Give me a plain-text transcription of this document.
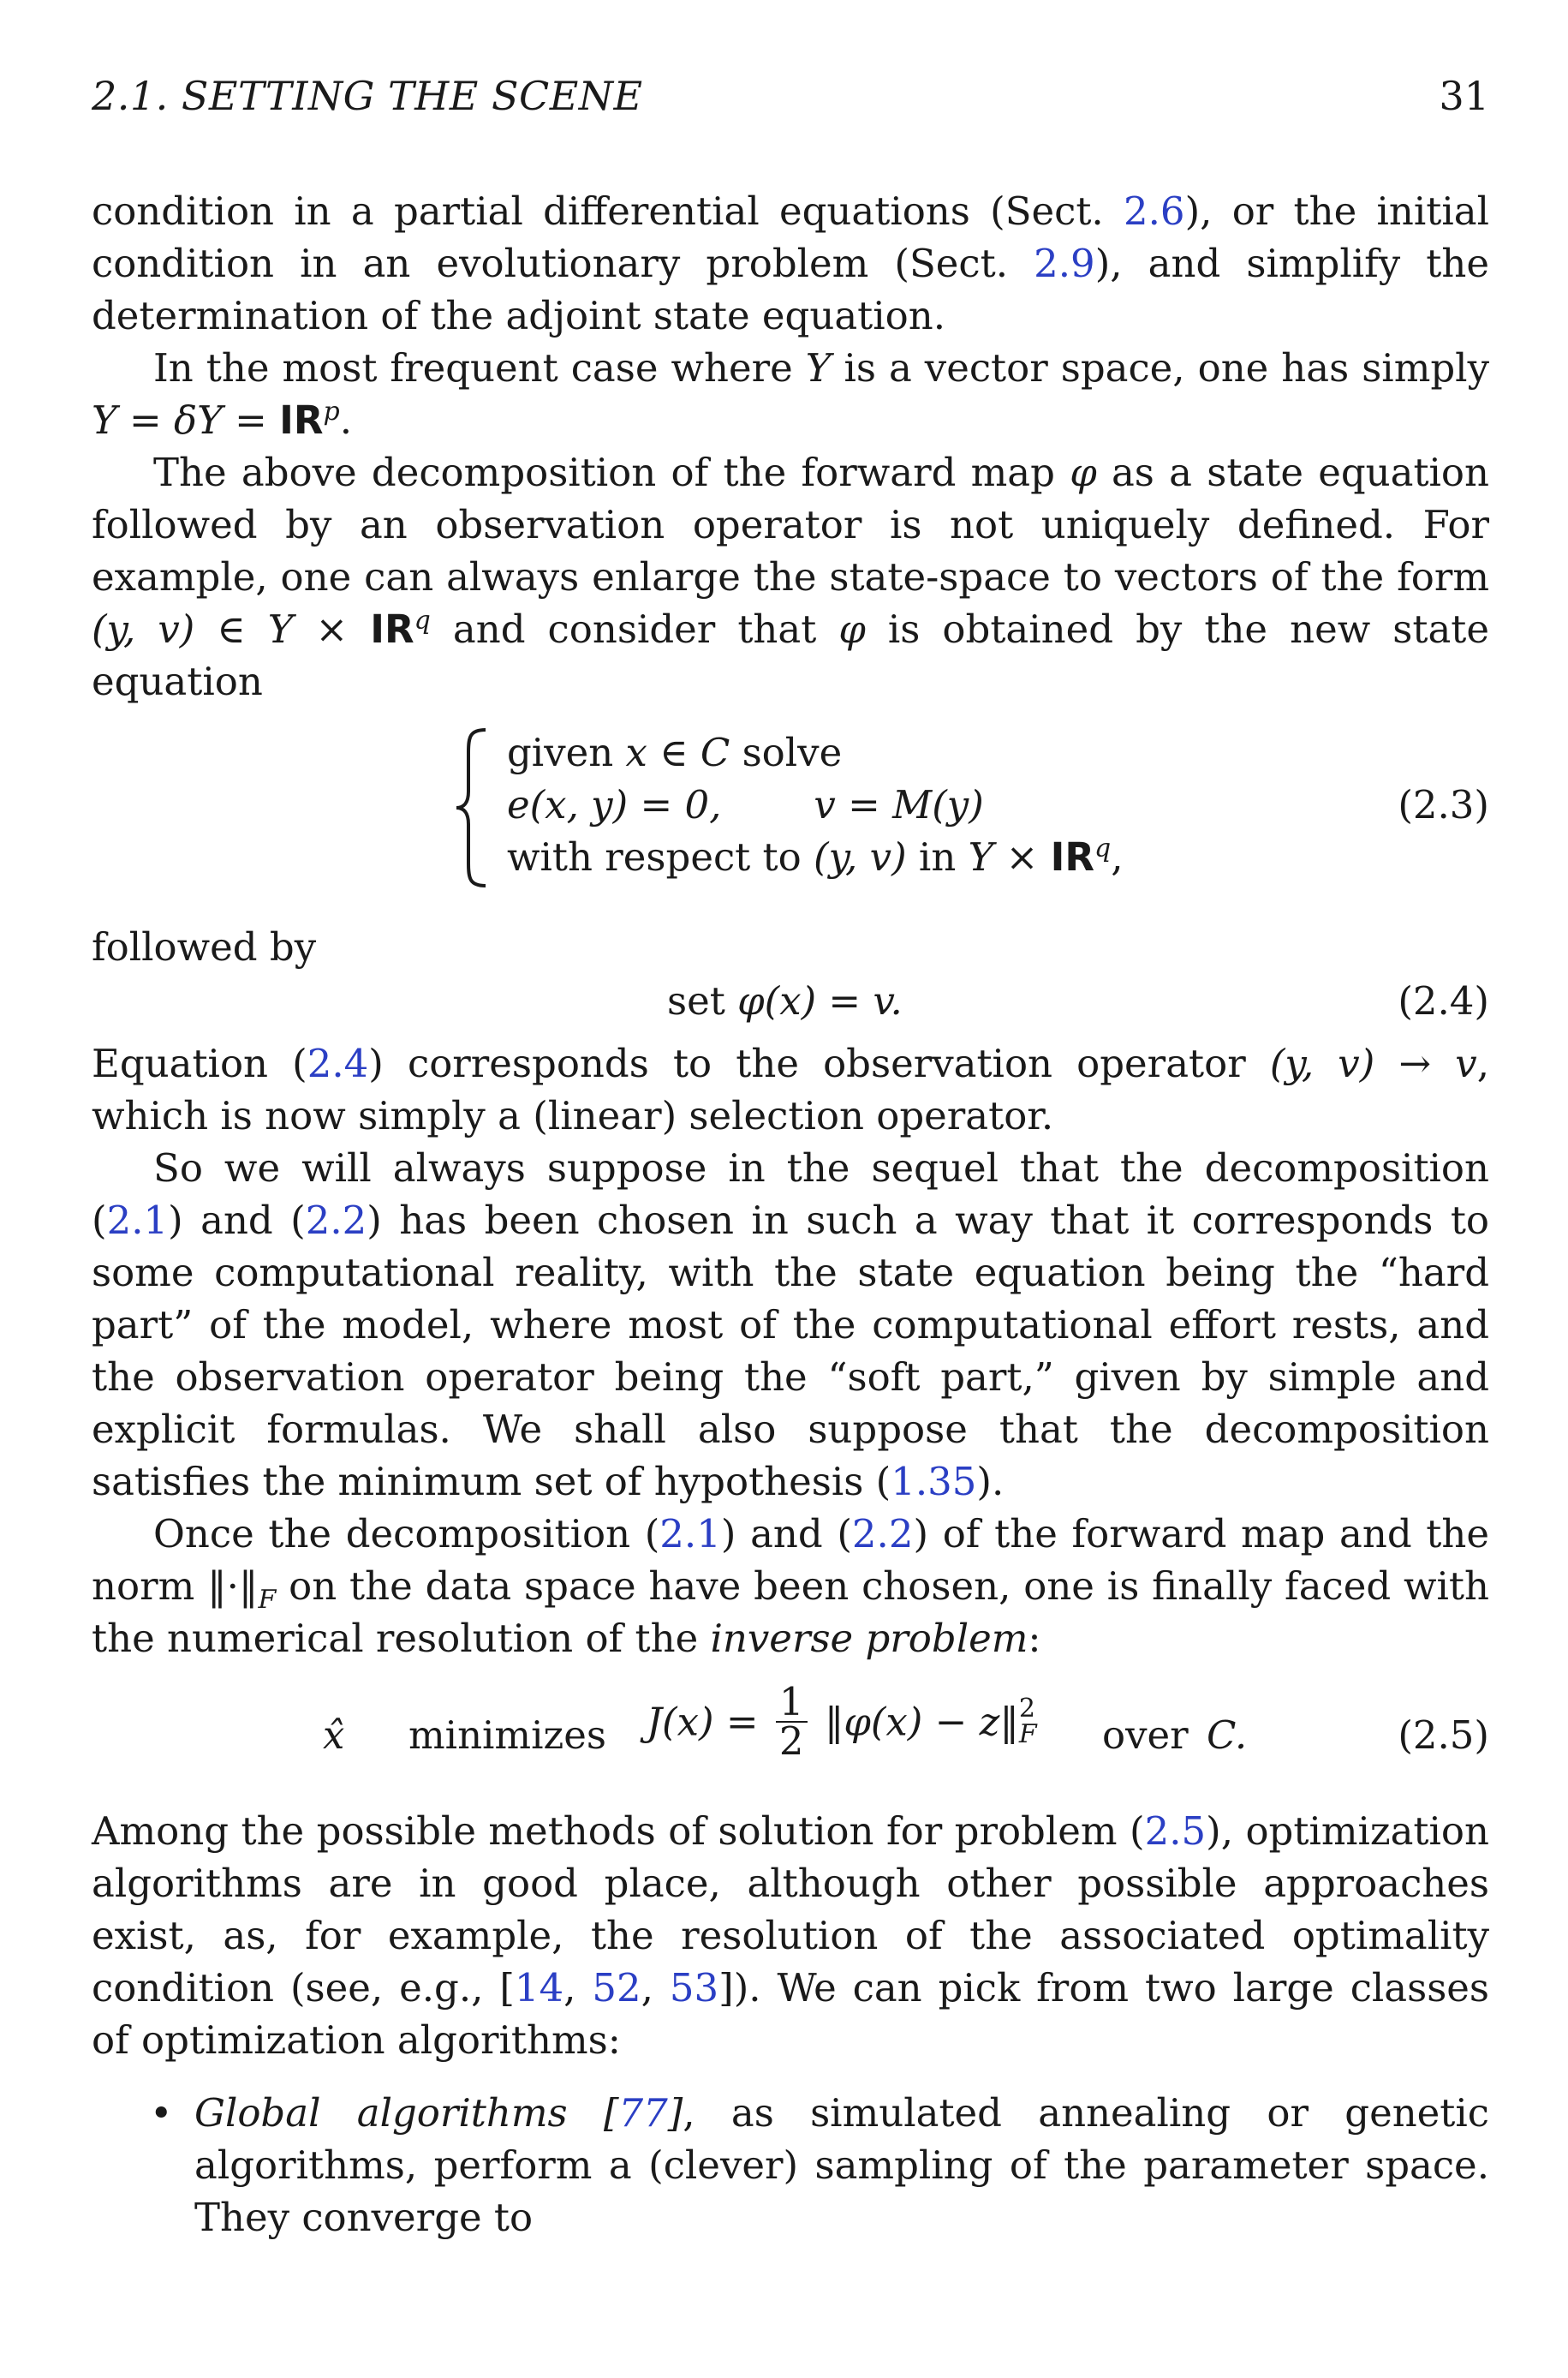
2.1. SETTING THE SCENE	31

condition in a partial differential equations (Sect. 2.6), or the initial condition in an evolutionary problem (Sect. 2.9), and simplify the determination of the adjoint state equation.

In the most frequent case where Y is a vector space, one has simply $Y = \delta Y = IR^p$.

The above decomposition of the forward map φ as a state equation followed by an observation operator is not uniquely defined. For example, one can always enlarge the state-space to vectors of the form (y, v) ∈ $Y \times IR^q$ and consider that φ is obtained by the new state equation

given x ∈ C solve
e(x, y) = 0, v = M(y)
with respect to (y, v) in $Y \times IR^q$,
(2.3)

followed by

set φ(x) = v.	(2.4)

Equation (2.4) corresponds to the observation operator (y, v) → v, which is now simply a (linear) selection operator.

So we will always suppose in the sequel that the decomposition (2.1) and (2.2) has been chosen in such a way that it corresponds to some computational reality, with the state equation being the “hard part” of the model, where most of the computational effort rests, and the observation operator being the “soft part,” given by simple and explicit formulas. We shall also suppose that the decomposition satisfies the minimum set of hypothesis (1.35).

Once the decomposition (2.1) and (2.2) of the forward map and the norm $‖\cdot‖_F$ on the data space have been chosen, one is finally faced with the numerical resolution of the inverse problem:

x̂ minimizes $J(x) = \frac{1}{2}$ ‖φ(x) − z‖ 2
F over C.	(2.5)

Among the possible methods of solution for problem (2.5), optimization algorithms are in good place, although other possible approaches exist, as, for example, the resolution of the associated optimality condition (see, e.g., [14, 52, 53]). We can pick from two large classes of optimization algorithms:

• Global algorithms [77], as simulated annealing or genetic algorithms, perform a (clever) sampling of the parameter space. They converge to
